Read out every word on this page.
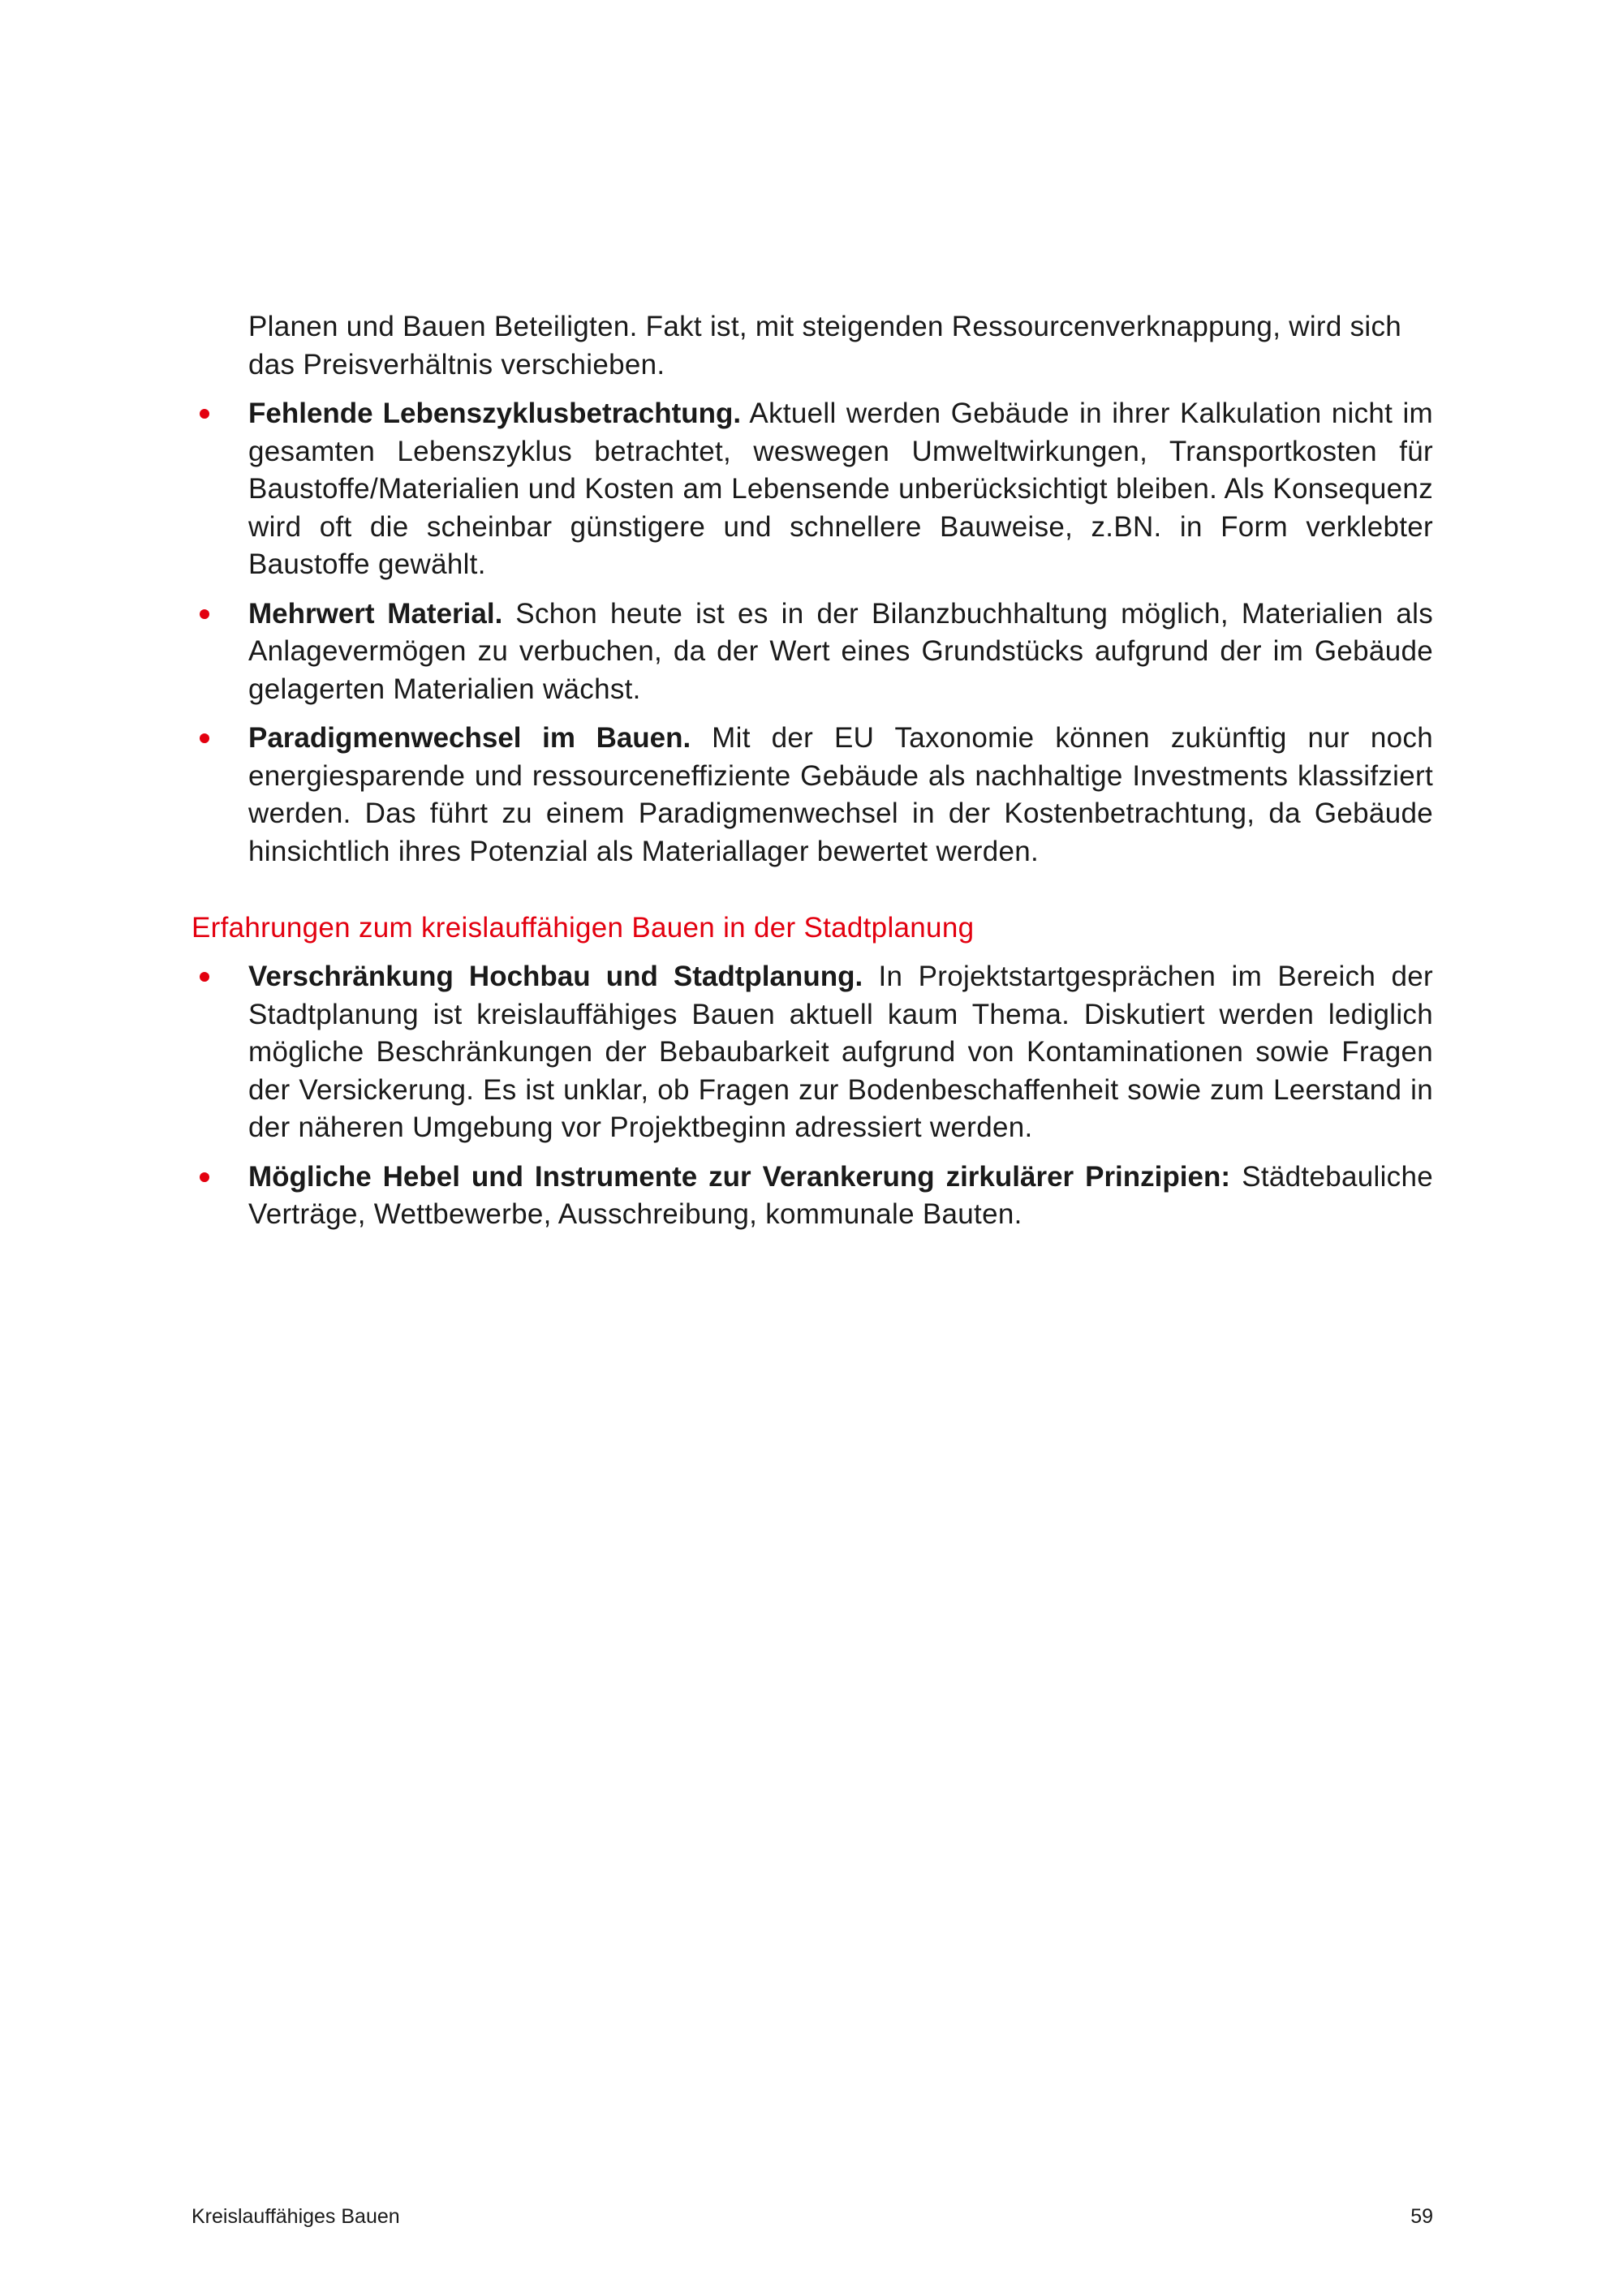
Planen und Bauen Beteiligten. Fakt ist, mit steigenden Ressourcenverknappung, wird sich das Preisverhältnis verschieben.

Fehlende Lebenszyklusbetrachtung. Aktuell werden Gebäude in ihrer Kalkulation nicht im gesamten Lebenszyklus betrachtet, weswegen Umweltwirkungen, Transportkosten für Baustoffe/Materialien und Kosten am Lebensende unberücksichtigt bleiben. Als Konsequenz wird oft die scheinbar günstigere und schnellere Bauweise, z.BN. in Form verklebter Baustoffe gewählt.
Mehrwert Material. Schon heute ist es in der Bilanzbuchhaltung möglich, Materialien als Anlagevermögen zu verbuchen, da der Wert eines Grundstücks aufgrund der im Gebäude gelagerten Materialien wächst.
Paradigmenwechsel im Bauen. Mit der EU Taxonomie können zukünftig nur noch energiesparende und ressourceneffiziente Gebäude als nachhaltige Investments klassifziert werden. Das führt zu einem Paradigmenwechsel in der Kostenbetrachtung, da Gebäude hinsichtlich ihres Potenzial als Materiallager bewertet werden.
Erfahrungen zum kreislauffähigen Bauen in der Stadtplanung
Verschränkung Hochbau und Stadtplanung. In Projektstartgesprächen im Bereich der Stadtplanung ist kreislauffähiges Bauen aktuell kaum Thema. Diskutiert werden lediglich mögliche Beschränkungen der Bebaubarkeit aufgrund von Kontaminationen sowie Fragen der Versickerung. Es ist unklar, ob Fragen zur Bodenbeschaffenheit sowie zum Leerstand in der näheren Umgebung vor Projektbeginn adressiert werden.
Mögliche Hebel und Instrumente zur Verankerung zirkulärer Prinzipien: Städtebauliche Verträge, Wettbewerbe, Ausschreibung, kommunale Bauten.
Kreislauffähiges Bauen	59
